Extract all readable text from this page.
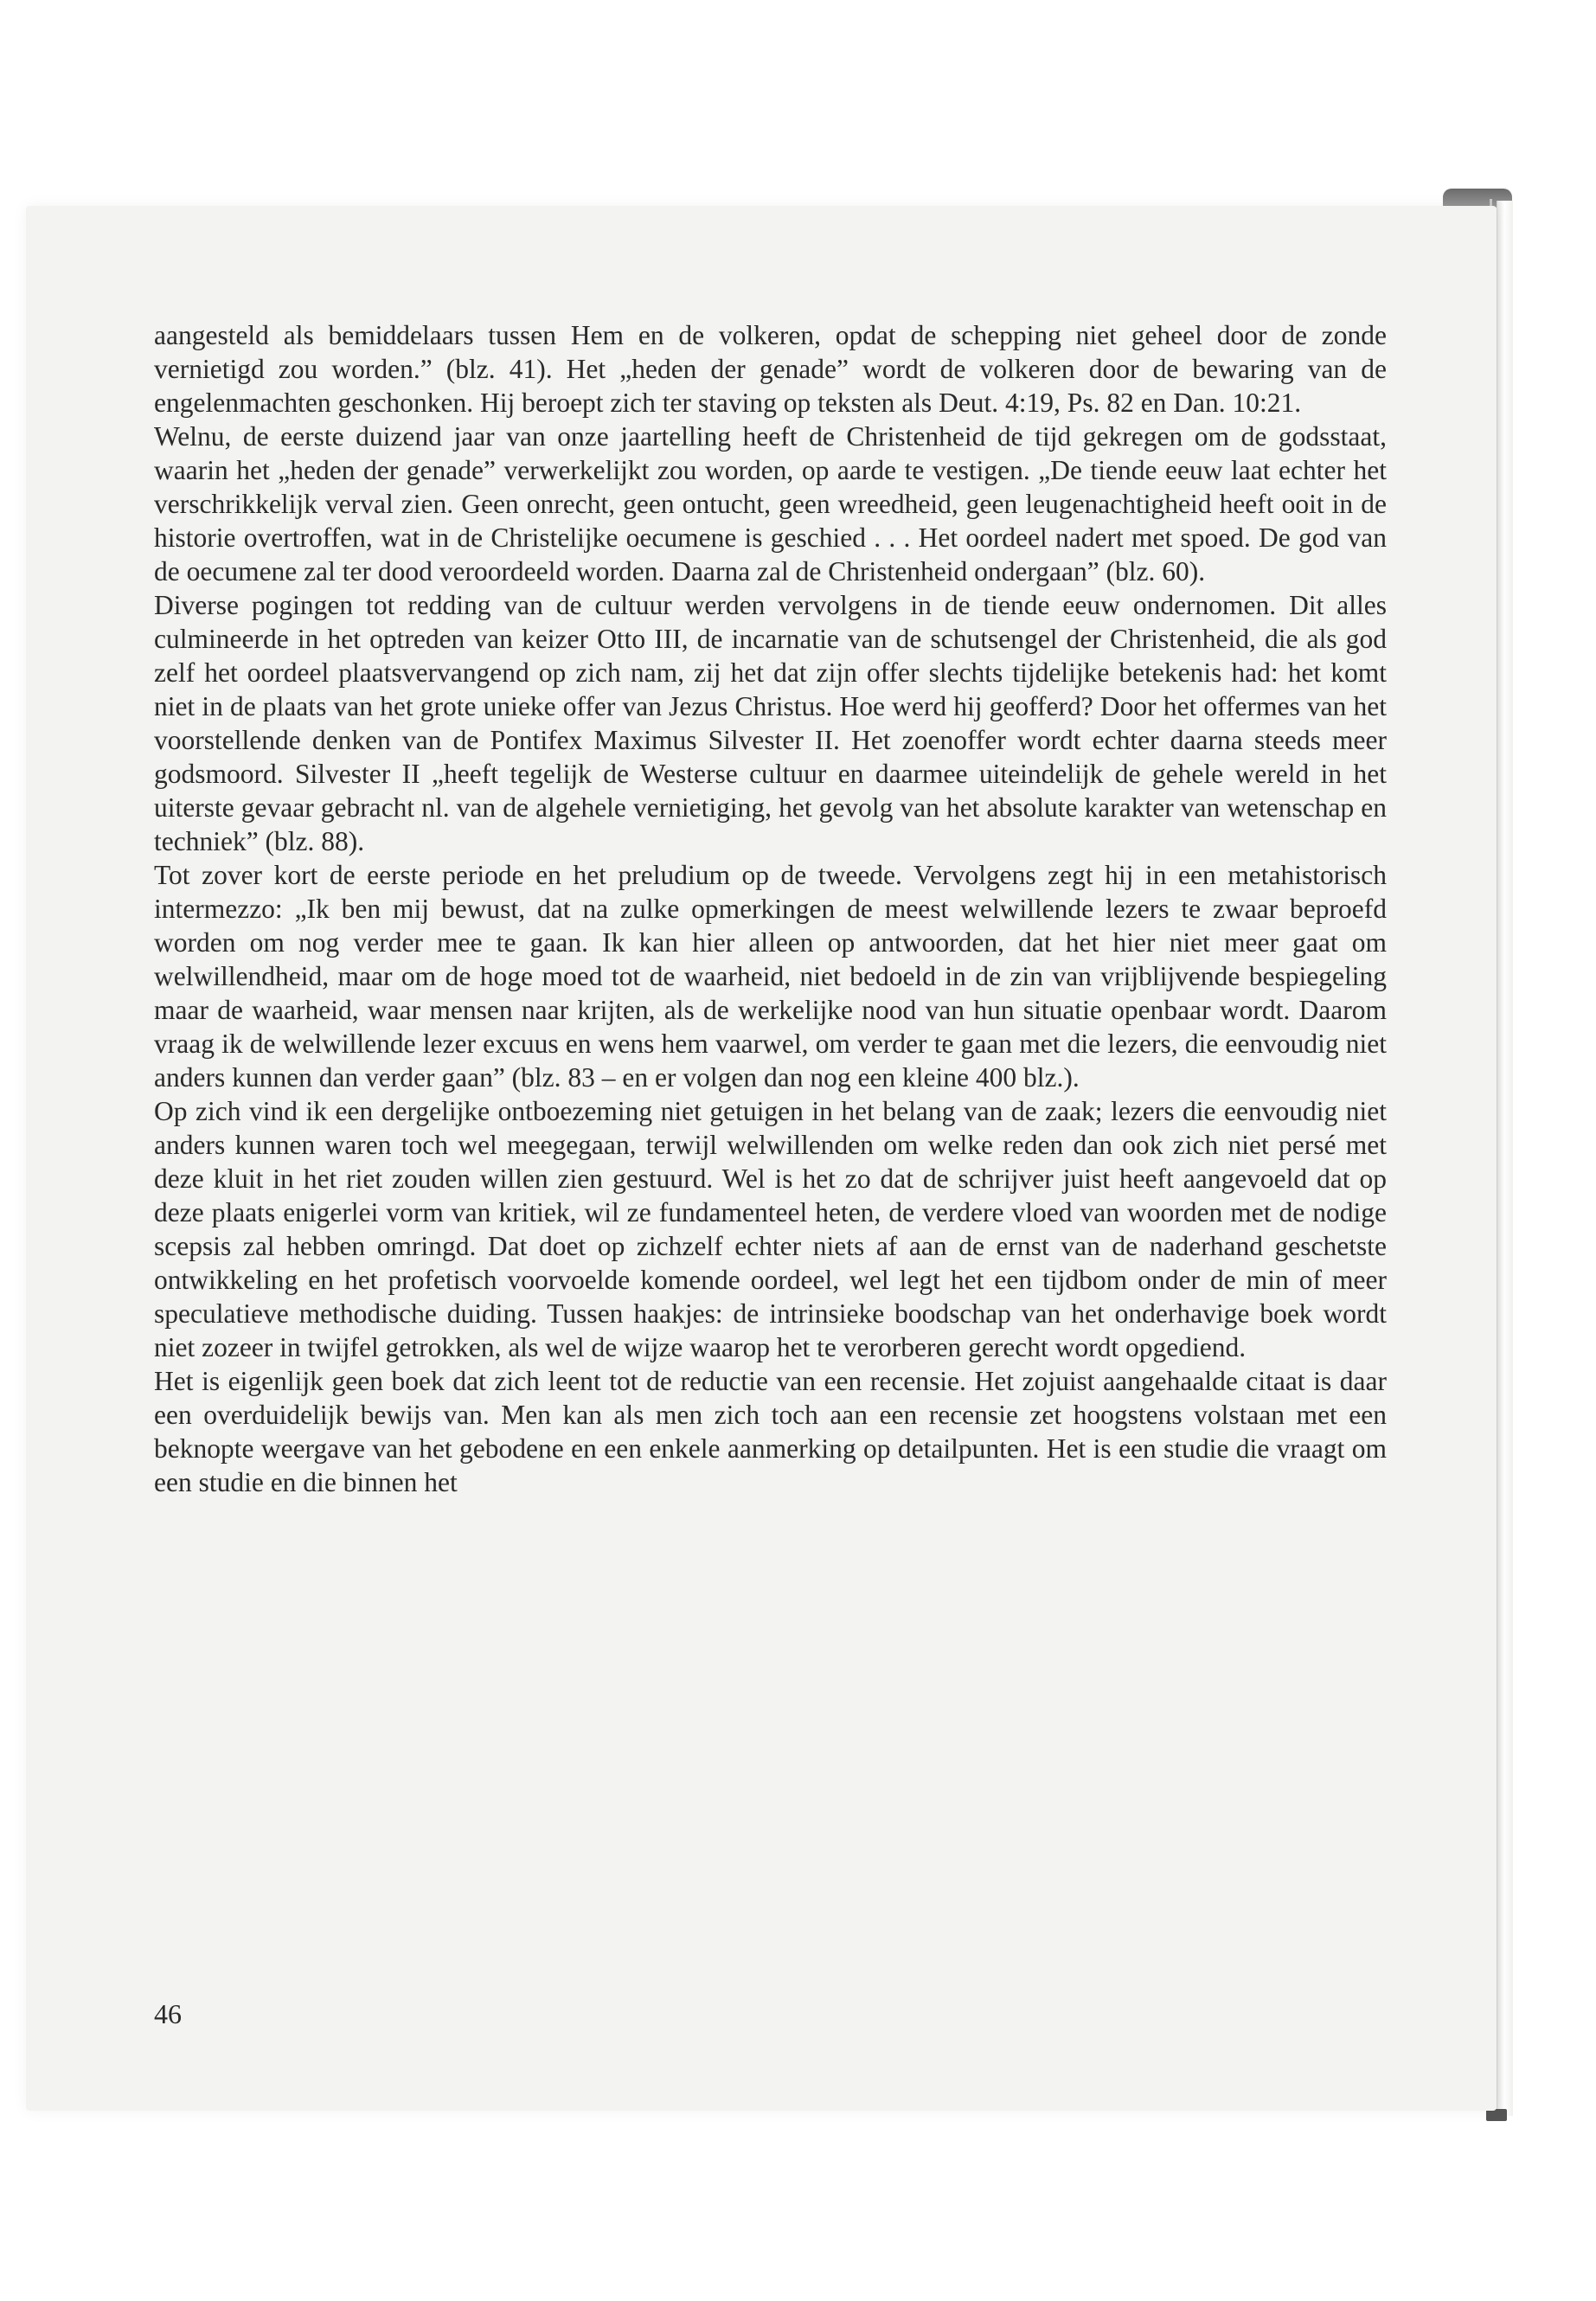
aangesteld als bemiddelaars tussen Hem en de volkeren, opdat de schepping niet geheel door de zonde vernietigd zou worden.” (blz. 41). Het „heden der genade” wordt de volkeren door de bewaring van de engelenmachten geschonken. Hij beroept zich ter staving op teksten als Deut. 4:19, Ps. 82 en Dan. 10:21.

Welnu, de eerste duizend jaar van onze jaartelling heeft de Christenheid de tijd gekregen om de godsstaat, waarin het „heden der genade” verwerkelijkt zou worden, op aarde te vestigen. „De tiende eeuw laat echter het verschrikkelijk verval zien. Geen onrecht, geen ontucht, geen wreedheid, geen leugenachtigheid heeft ooit in de historie overtroffen, wat in de Christelijke oecumene is geschied . . . Het oordeel nadert met spoed. De god van de oecumene zal ter dood veroordeeld worden. Daarna zal de Christenheid ondergaan” (blz. 60).

Diverse pogingen tot redding van de cultuur werden vervolgens in de tiende eeuw ondernomen. Dit alles culmineerde in het optreden van keizer Otto III, de incarnatie van de schutsengel der Christenheid, die als god zelf het oordeel plaatsvervangend op zich nam, zij het dat zijn offer slechts tijdelijke betekenis had: het komt niet in de plaats van het grote unieke offer van Jezus Christus. Hoe werd hij geofferd? Door het offermes van het voorstellende denken van de Pontifex Maximus Silvester II. Het zoenoffer wordt echter daarna steeds meer godsmoord. Silvester II „heeft tegelijk de Westerse cultuur en daarmee uiteindelijk de gehele wereld in het uiterste gevaar gebracht nl. van de algehele vernietiging, het gevolg van het absolute karakter van wetenschap en techniek” (blz. 88).

Tot zover kort de eerste periode en het preludium op de tweede. Vervolgens zegt hij in een metahistorisch intermezzo: „Ik ben mij bewust, dat na zulke opmerkingen de meest welwillende lezers te zwaar beproefd worden om nog verder mee te gaan. Ik kan hier alleen op antwoorden, dat het hier niet meer gaat om welwillendheid, maar om de hoge moed tot de waarheid, niet bedoeld in de zin van vrijblijvende bespiegeling maar de waarheid, waar mensen naar krijten, als de werkelijke nood van hun situatie openbaar wordt. Daarom vraag ik de welwillende lezer excuus en wens hem vaarwel, om verder te gaan met die lezers, die eenvoudig niet anders kunnen dan verder gaan” (blz. 83 – en er volgen dan nog een kleine 400 blz.).

Op zich vind ik een dergelijke ontboezeming niet getuigen in het belang van de zaak; lezers die eenvoudig niet anders kunnen waren toch wel meegegaan, terwijl welwillenden om welke reden dan ook zich niet persé met deze kluit in het riet zouden willen zien gestuurd. Wel is het zo dat de schrijver juist heeft aangevoeld dat op deze plaats enigerlei vorm van kritiek, wil ze fundamenteel heten, de verdere vloed van woorden met de nodige scepsis zal hebben omringd. Dat doet op zichzelf echter niets af aan de ernst van de naderhand geschetste ontwikkeling en het profetisch voorvoelde komende oordeel, wel legt het een tijdbom onder de min of meer speculatieve methodische duiding. Tussen haakjes: de intrinsieke boodschap van het onderhavige boek wordt niet zozeer in twijfel getrokken, als wel de wijze waarop het te verorberen gerecht wordt opgediend.

Het is eigenlijk geen boek dat zich leent tot de reductie van een recensie. Het zojuist aangehaalde citaat is daar een overduidelijk bewijs van. Men kan als men zich toch aan een recensie zet hoogstens volstaan met een beknopte weergave van het gebodene en een enkele aanmerking op detailpunten. Het is een studie die vraagt om een studie en die binnen het

46
